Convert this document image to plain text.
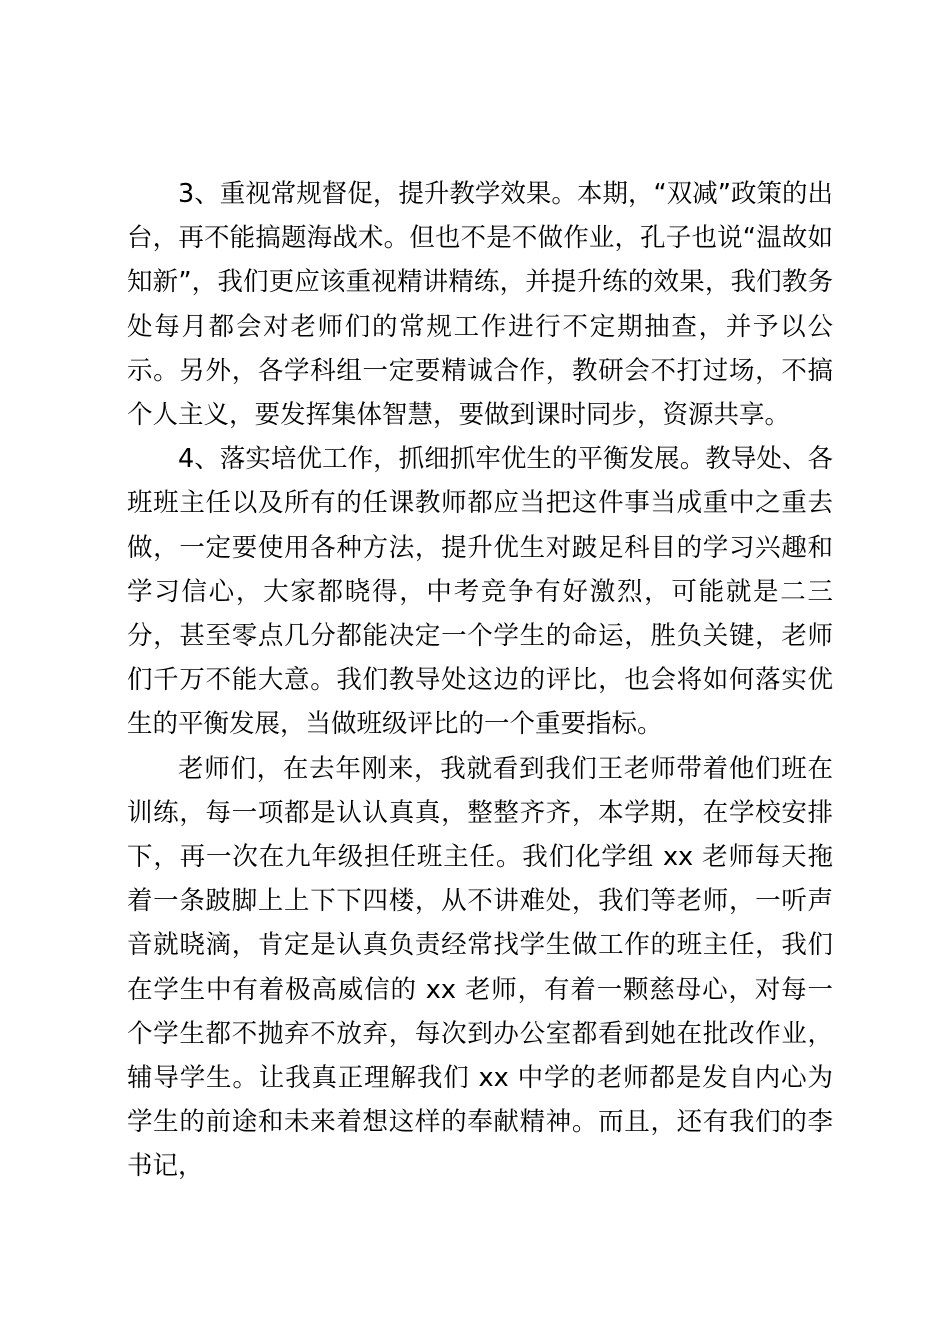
3、重视常规督促，提升教学效果。本期，“双减”政策的出台，再不能搞题海战术。但也不是不做作业，孔子也说“温故如知新”，我们更应该重视精讲精练，并提升练的效果，我们教务处每月都会对老师们的常规工作进行不定期抽查，并予以公示。另外，各学科组一定要精诚合作，教研会不打过场，不搞个人主义，要发挥集体智慧，要做到课时同步，资源共享。

4、落实培优工作，抓细抓牢优生的平衡发展。教导处、各班班主任以及所有的任课教师都应当把这件事当成重中之重去做，一定要使用各种方法，提升优生对跛足科目的学习兴趣和学习信心，大家都晓得，中考竞争有好激烈，可能就是二三分，甚至零点几分都能决定一个学生的命运，胜负关键，老师们千万不能大意。我们教导处这边的评比，也会将如何落实优生的平衡发展，当做班级评比的一个重要指标。

老师们，在去年刚来，我就看到我们王老师带着他们班在训练，每一项都是认认真真，整整齐齐，本学期，在学校安排下，再一次在九年级担任班主任。我们化学组 xx 老师每天拖着一条跛脚上上下下四楼，从不讲难处，我们等老师，一听声音就晓滴，肯定是认真负责经常找学生做工作的班主任，我们在学生中有着极高威信的 xx 老师，有着一颗慈母心，对每一个学生都不抛弃不放弃，每次到办公室都看到她在批改作业，辅导学生。让我真正理解我们 xx 中学的老师都是发自内心为学生的前途和未来着想这样的奉献精神。而且，还有我们的李书记，
